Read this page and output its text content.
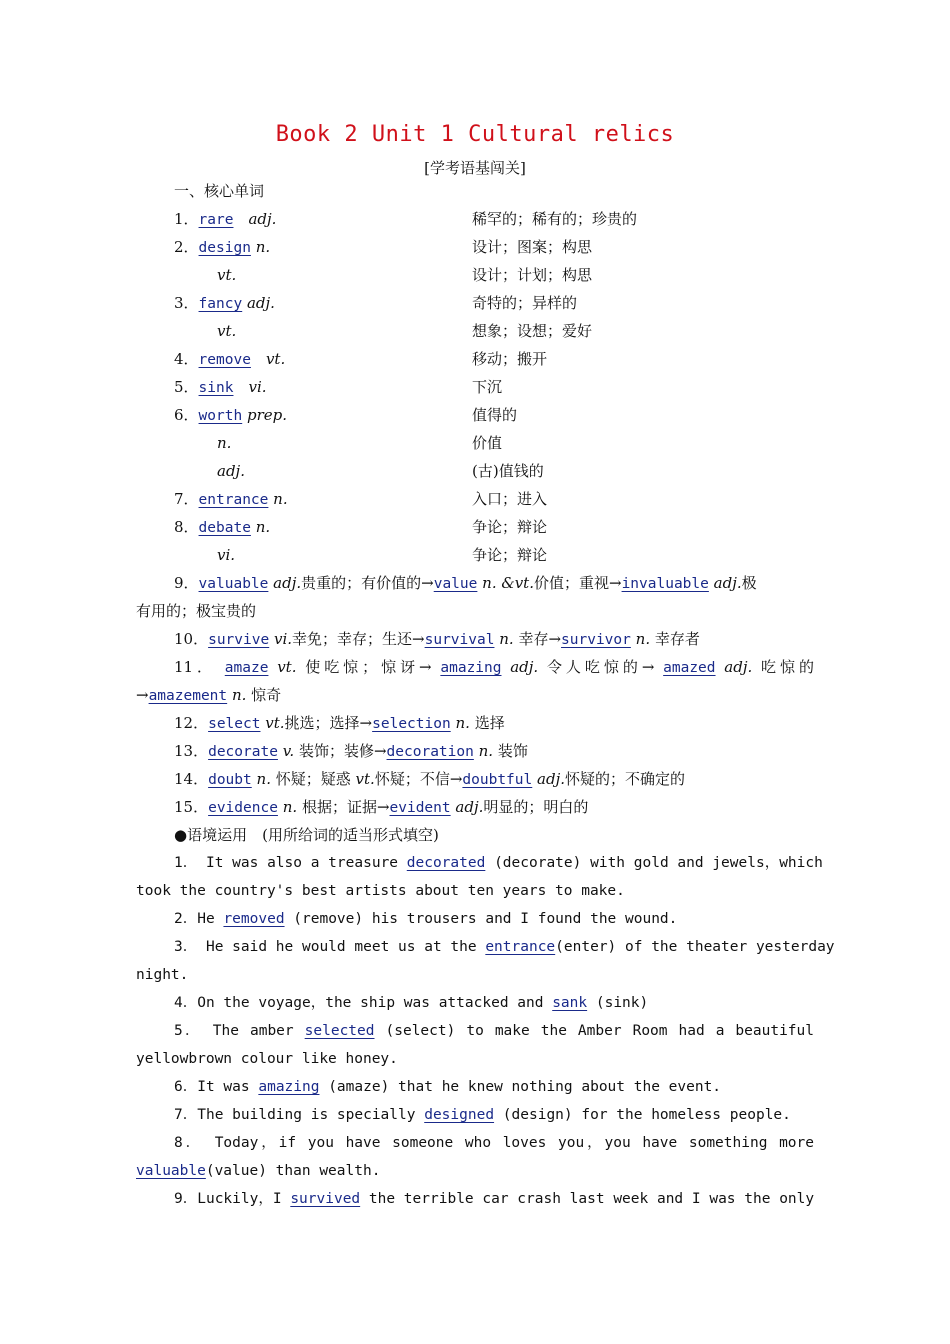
Book 2 Unit 1 Cultural relics
[学考语基闯关]
一、核心单词
1．rare　 adj.	稀罕的；稀有的；珍贵的
2．design n.	设计；图案；构思
vt.	设计；计划；构思
3．fancy adj.	奇特的；异样的
vt.	想象；设想；爱好
4．remove　 vt.	移动；搬开
5．sink　 vi.	下沉
6．worth prep.	值得的
n.	价值
adj.	(古)值钱的
7．entrance n.	入口；进入
8．debate n.	争论；辩论
vi.	争论；辩论
9．valuable adj.贵重的；有价值的→value n. &vt.价值；重视→invaluable adj.极
有用的；极宝贵的
10．survive vi.幸免；幸存；生还→survival n. 幸存→survivor n. 幸存者
11． amaze vt. 使吃惊；惊讶→ amazing adj. 令人吃惊的→ amazed adj. 吃惊的
→amazement n. 惊奇
12．select vt.挑选；选择→selection n. 选择
13．decorate v. 装饰；装修→decoration n. 装饰
14．doubt n. 怀疑；疑惑 vt.怀疑；不信→doubtful adj.怀疑的；不确定的
15．evidence n. 根据；证据→evident adj.明显的；明白的
●语境运用　(用所给词的适当形式填空)
1． It was also a treasure decorated (decorate) with gold and jewels，which
took the country's best artists about ten years to make.
2．He removed (remove) his trousers and I found the wound.
3． He said he would meet us at the entrance(enter) of the theater yesterday
night.
4．On the voyage，the ship was attacked and sank (sink)
5． The amber selected (select) to make the Amber Room had a beautiful
yellowbrown colour like honey.
6．It was amazing (amaze) that he knew nothing about the event.
7．The building is specially designed (design) for the homeless people.
8． Today，if you have someone who loves you，you have something more
valuable(value) than wealth.
9．Luckily，I survived the terrible car crash last week and I was the only
